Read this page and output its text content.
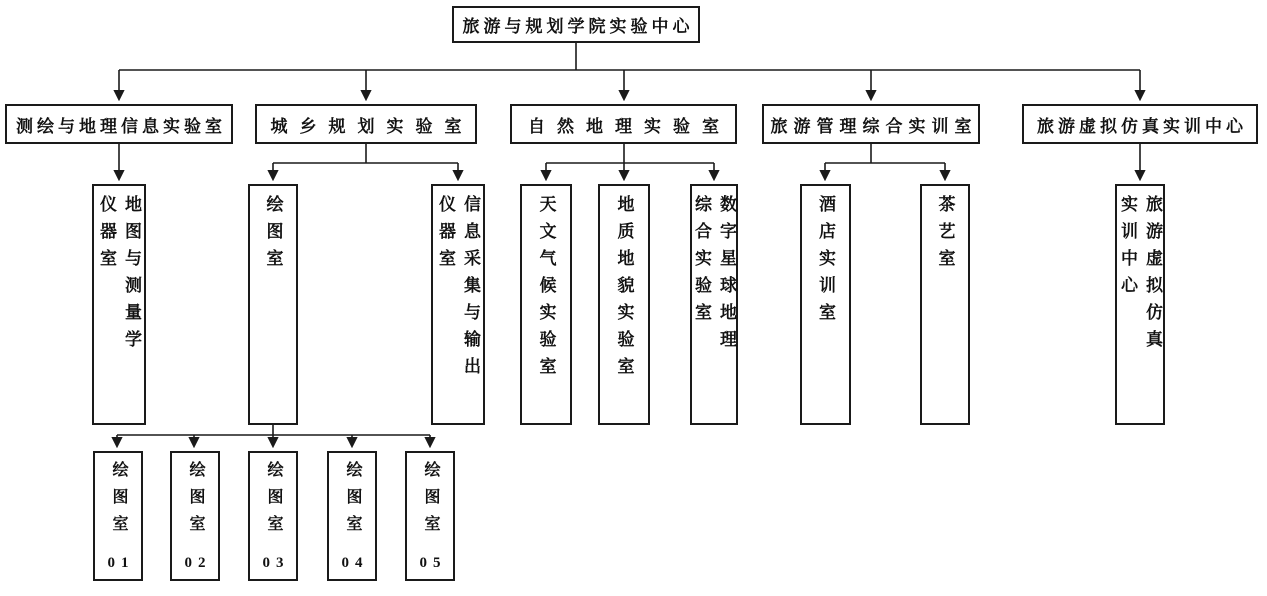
旅游与规划学院实验中心
测绘与地理信息实验室	城乡规划实验室	自然地理实验室 旅游管理综合实训室	旅游虚拟仿真实训中心
地图与测量学
仪器室	绘图室	信息采集与输出
仪器室	天文气候实验室	地质地貌实验室	数字星球地理
综合实验室	酒店实训室	茶艺室	旅游虚拟仿真
实训中心
绘图室
01
绘图室
02
绘图室
03
绘图室
04
绘图室
05
